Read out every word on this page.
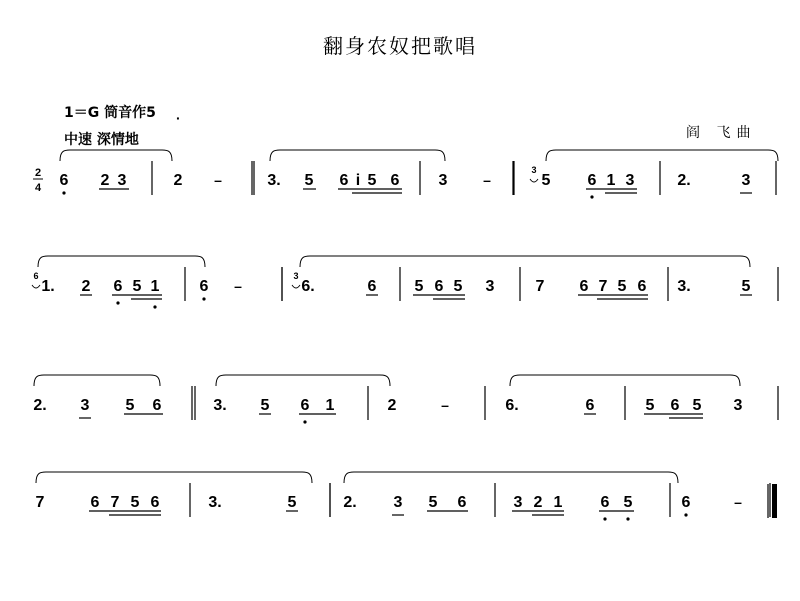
翻身农奴把歌唱
1＝G 筒音作5 ·
中速 深情地	阎 飞曲
6 2 3	2 –	3. 5 6 i 5 6 3	–
3
5 6 1 3	2.	3
6
1. 2 6 5 1	6 –
3
6.	6 5 6 5 3	7 6 7 5 6 3.	5
2. 3 5 6	3. 5 6 1	2	–	6.	6	5 6 5 3
7	6 7 5 6	3.	5	2. 3 5 6	3 2 1 6 5	6	–
2
4
